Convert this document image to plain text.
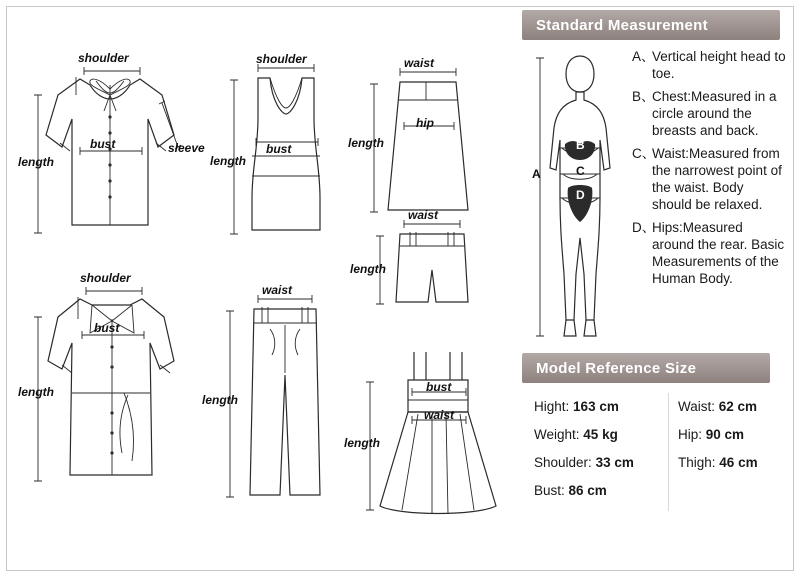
shoulder
bust	sleeve
length
shoulder
bust
length
waist
hip
length
waist
length
shoulder
bust
length
waist
length
bust
waist
length
Standard Measurement
A
B
C
D
A、
Vertical height head to toe.
B、
Chest:Measured in a circle around the breasts and back.
C、
Waist:Measured from the narrowest point of the waist. Body should be relaxed.
D、
Hips:Measured around the rear. Basic Measurements of the Human Body.
Model Reference Size
Hight: 163 cm
Weight: 45 kg
Shoulder: 33 cm
Bust: 86 cm
Waist: 62 cm
Hip: 90 cm
Thigh: 46 cm
